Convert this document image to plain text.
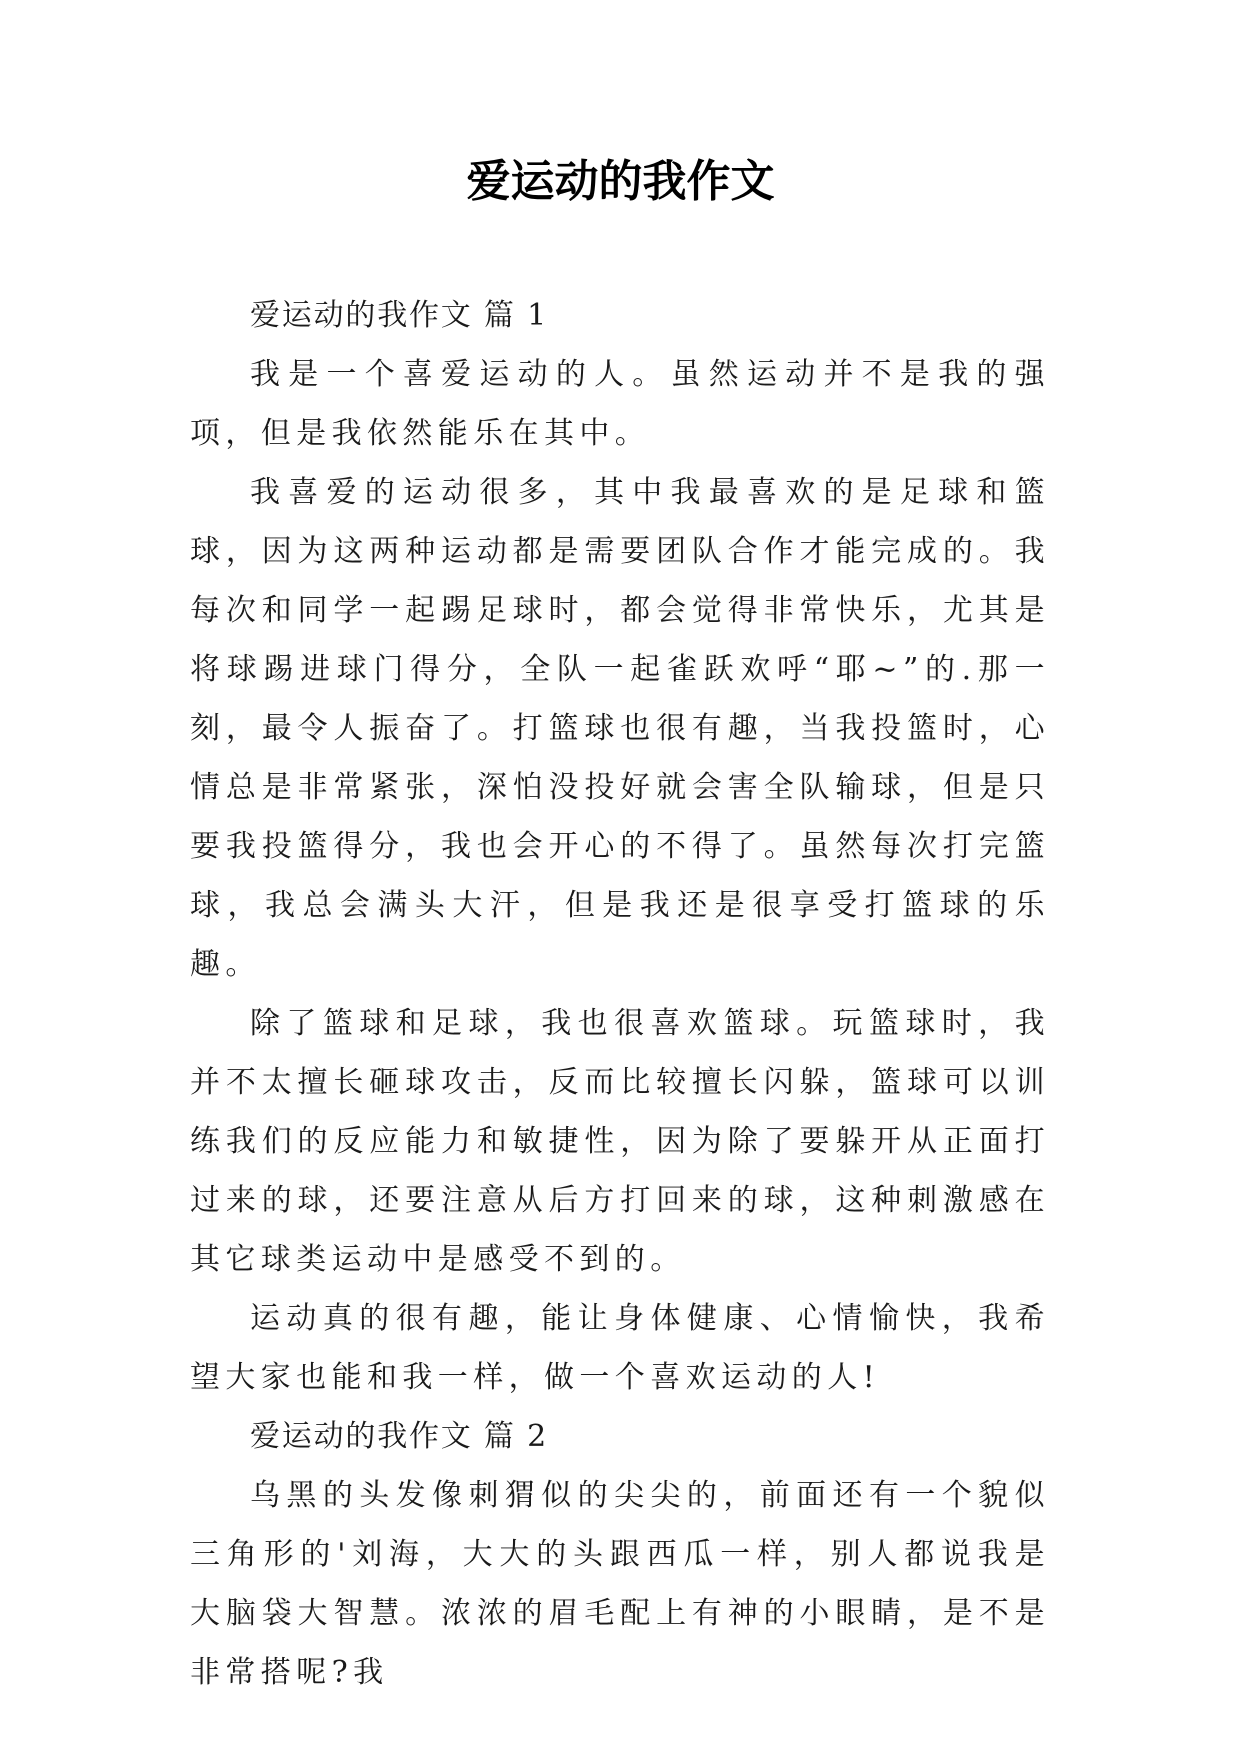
爱运动的我作文

爱运动的我作文 篇 1

我是一个喜爱运动的人。虽然运动并不是我的强项，但是我依然能乐在其中。

我喜爱的运动很多，其中我最喜欢的是足球和篮球，因为这两种运动都是需要团队合作才能完成的。我每次和同学一起踢足球时，都会觉得非常快乐，尤其是将球踢进球门得分，全队一起雀跃欢呼“耶~”的.那一刻，最令人振奋了。打篮球也很有趣，当我投篮时，心情总是非常紧张，深怕没投好就会害全队输球，但是只要我投篮得分，我也会开心的不得了。虽然每次打完篮球，我总会满头大汗，但是我还是很享受打篮球的乐趣。

除了篮球和足球，我也很喜欢篮球。玩篮球时，我并不太擅长砸球攻击，反而比较擅长闪躲，篮球可以训练我们的反应能力和敏捷性，因为除了要躲开从正面打过来的球，还要注意从后方打回来的球，这种刺激感在其它球类运动中是感受不到的。

运动真的很有趣，能让身体健康、心情愉快，我希望大家也能和我一样，做一个喜欢运动的人!

爱运动的我作文 篇 2

乌黑的头发像刺猬似的尖尖的，前面还有一个貌似三角形的'刘海，大大的头跟西瓜一样，别人都说我是大脑袋大智慧。浓浓的眉毛配上有神的小眼睛，是不是非常搭呢?我
